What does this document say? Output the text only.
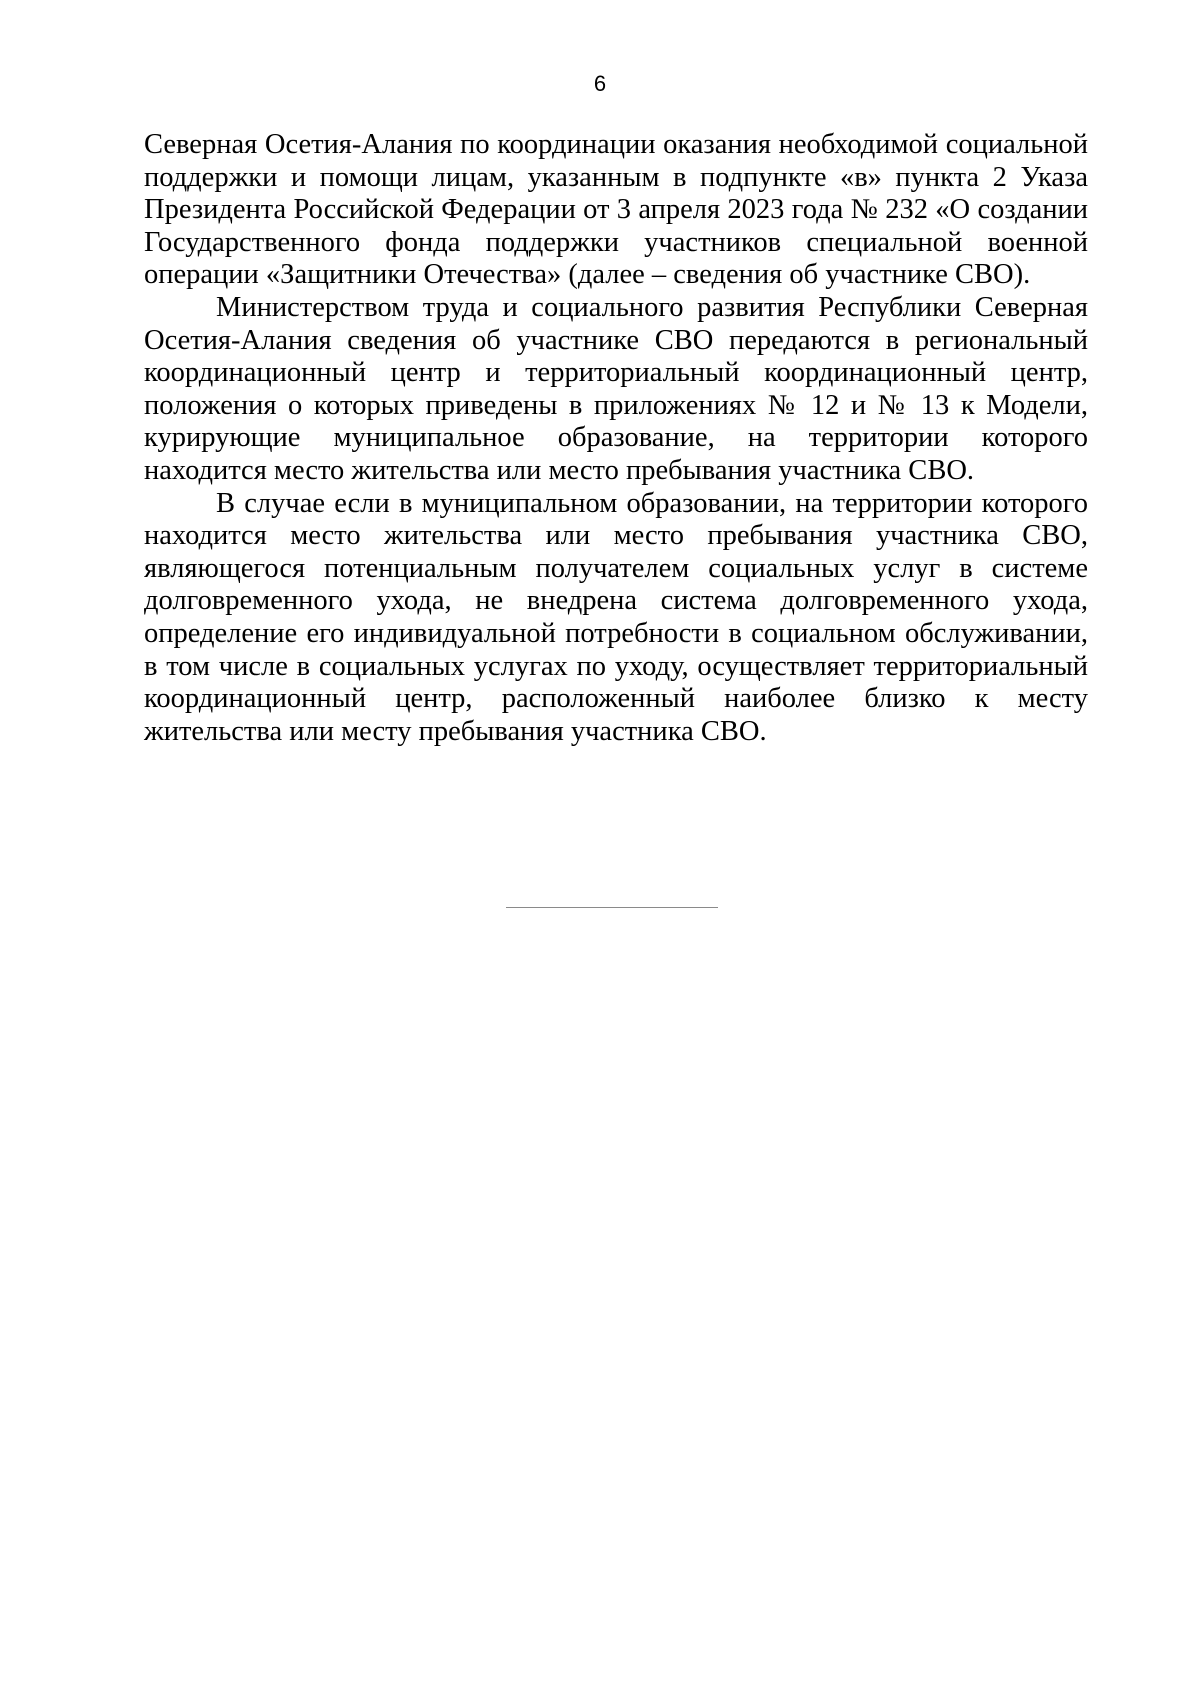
6

Северная Осетия-Алания по координации оказания необходимой социальной поддержки и помощи лицам, указанным в подпункте «в» пункта 2 Указа Президента Российской Федерации от 3 апреля 2023 года № 232 «О создании Государственного фонда поддержки участников специальной военной операции «Защитники Отечества» (далее – сведения об участнике СВО).

Министерством труда и социального развития Республики Северная Осетия-Алания сведения об участнике СВО передаются в региональный координационный центр и территориальный координационный центр, положения о которых приведены в приложениях № 12 и № 13 к Модели, курирующие муниципальное образование, на территории которого находится место жительства или место пребывания участника СВО.

В случае если в муниципальном образовании, на территории которого находится место жительства или место пребывания участника СВО, являющегося потенциальным получателем социальных услуг в системе долговременного ухода, не внедрена система долговременного ухода, определение его индивидуальной потребности в социальном обслуживании, в том числе в социальных услугах по уходу, осуществляет территориальный координационный центр, расположенный наиболее близко к месту жительства или месту пребывания участника СВО.
